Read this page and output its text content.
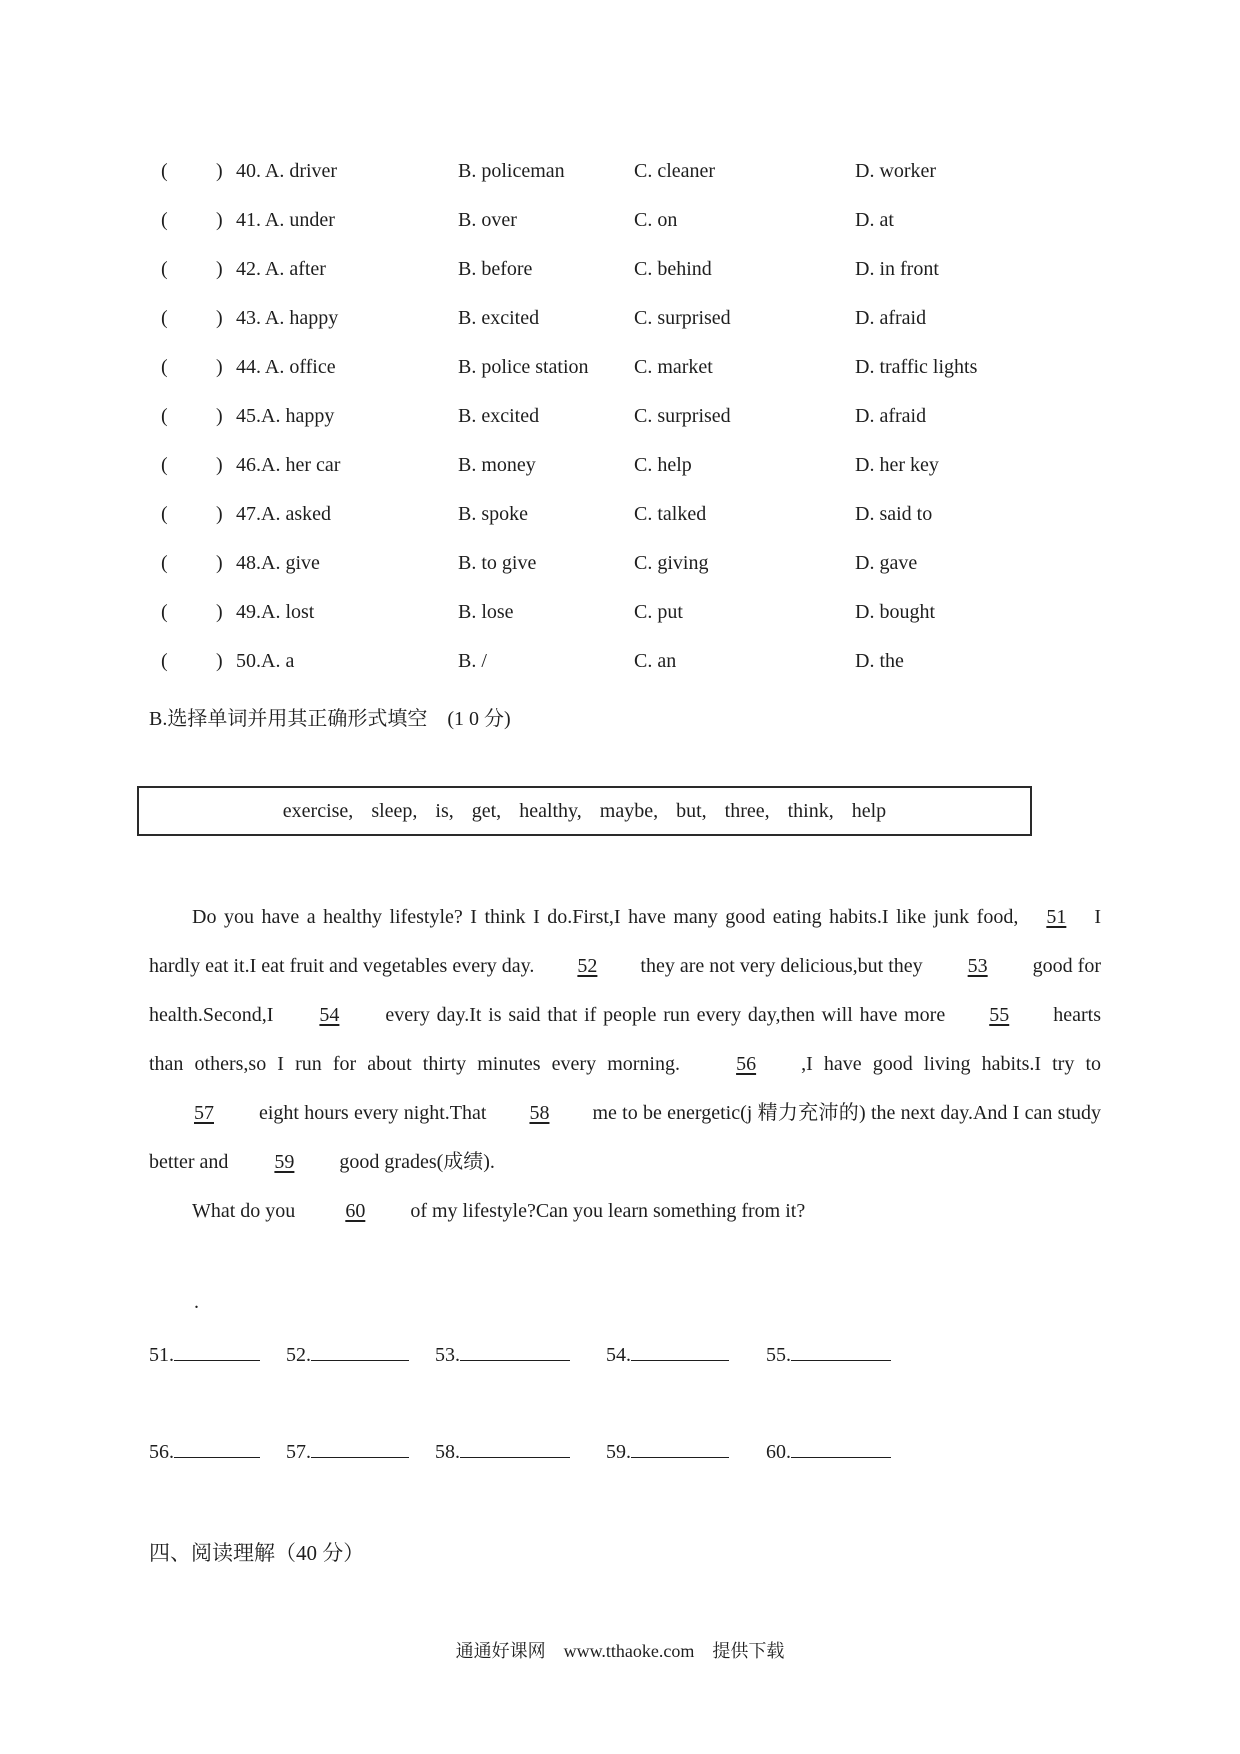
( ) 40. A. driver	B. policeman	C. cleaner	D. worker
( ) 41. A. under	B. over	C. on	D. at
( ) 42. A. after	B. before	C. behind	D. in front
( ) 43. A. happy	B. excited	C. surprised	D. afraid
( ) 44. A. office	B. police station C. market	D. traffic lights
( ) 45.A. happy	B. excited	C. surprised	D. afraid
( ) 46.A. her car	B. money	C. help	D. her key
( ) 47.A. asked	B. spoke	C. talked	D. said to
( ) 48.A. give	B. to give	C. giving	D. gave
( ) 49.A. lost	B. lose	C. put	D. bought
( ) 50.A. a	B. /	C. an	D. the
B.选择单词并用其正确形式填空　(1 0 分)
exercise, sleep, is, get, healthy, maybe, but, three, think, help

Do you have a healthy lifestyle? I think I do.First,I have many good eating habits.I like junk food, 51 I hardly eat it.I eat fruit and vegetables every day. 52 they are not very delicious,but they 53 good for health.Second,I 54 every day.It is said that if people run every day,then will have more 55 hearts than others,so I run for about thirty minutes every morning.	56 ,I have good living habits.I try to57 eight hours every night.That 58 me to be energetic(j 精力充沛的) the next day.And I can study better and 59 good grades(成绩).

What do you	60 of my lifestyle?Can you learn something from it?

.
51.	52.	53.	54.	55.
56.	57.	58.	59.	60.
四、阅读理解（40 分）
通通好课网　www.tthaoke.com　提供下载
